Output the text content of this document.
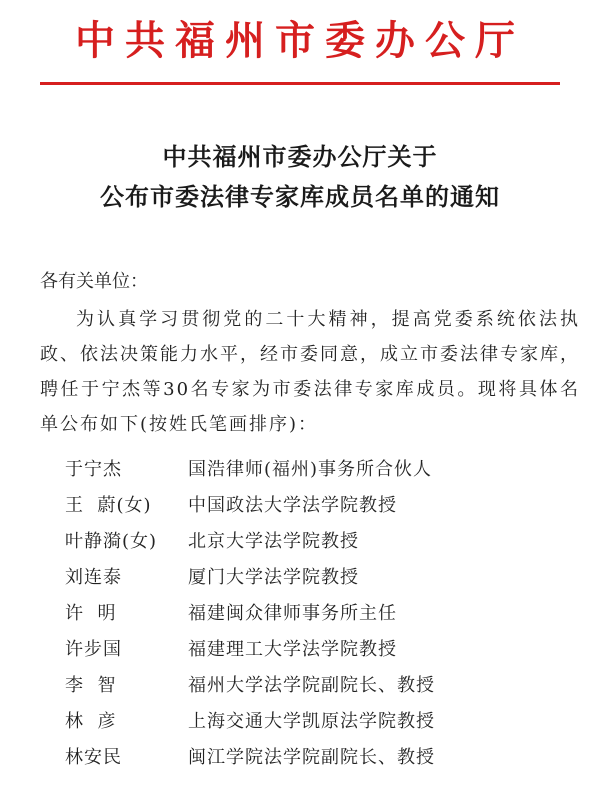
中共福州市委办公厅
中共福州市委办公厅关于
公布市委法律专家库成员名单的通知
各有关单位：

为认真学习贯彻党的二十大精神，提高党委系统依法执政、依法决策能力水平，经市委同意，成立市委法律专家库，聘任于宁杰等30名专家为市委法律专家库成员。现将具体名单公布如下(按姓氏笔画排序)：

于宁杰	国浩律师(福州)事务所合伙人
王  蔚(女)	中国政法大学法学院教授
叶静漪(女)	北京大学法学院教授
刘连泰	厦门大学法学院教授
许  明	福建闽众律师事务所主任
许步国	福建理工大学法学院教授
李  智	福州大学法学院副院长、教授
林  彦	上海交通大学凯原法学院教授
林安民	闽江学院法学院副院长、教授
